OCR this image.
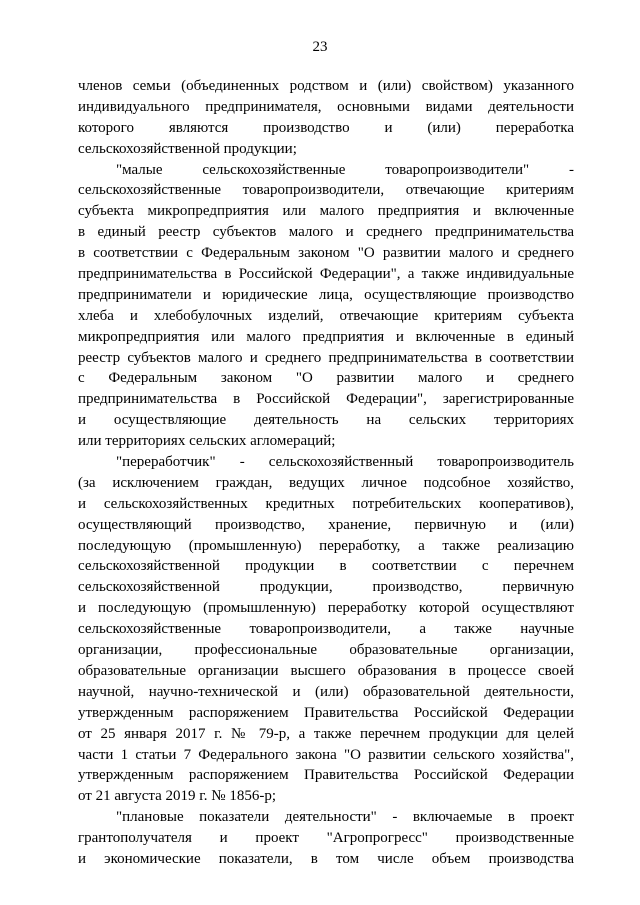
23
членов семьи (объединенных родством и (или) свойством) указанного
индивидуального предпринимателя, основными видами деятельности
которого являются производство и (или) переработка
сельскохозяйственной продукции;
"малые сельскохозяйственные товаропроизводители" -
сельскохозяйственные товаропроизводители, отвечающие критериям
субъекта микропредприятия или малого предприятия и включенные
в единый реестр субъектов малого и среднего предпринимательства
в соответствии с Федеральным законом "О развитии малого и среднего
предпринимательства в Российской Федерации", а также индивидуальные
предприниматели и юридические лица, осуществляющие производство
хлеба и хлебобулочных изделий, отвечающие критериям субъекта
микропредприятия или малого предприятия и включенные в единый
реестр субъектов малого и среднего предпринимательства в соответствии
с Федеральным законом "О развитии малого и среднего
предпринимательства в Российской Федерации", зарегистрированные
и осуществляющие деятельность на сельских территориях
или территориях сельских агломераций;
"переработчик" - сельскохозяйственный товаропроизводитель
(за исключением граждан, ведущих личное подсобное хозяйство,
и сельскохозяйственных кредитных потребительских кооперативов),
осуществляющий производство, хранение, первичную и (или)
последующую (промышленную) переработку, а также реализацию
сельскохозяйственной продукции в соответствии с перечнем
сельскохозяйственной продукции, производство, первичную
и последующую (промышленную) переработку которой осуществляют
сельскохозяйственные товаропроизводители, а также научные
организации, профессиональные образовательные организации,
образовательные организации высшего образования в процессе своей
научной, научно-технической и (или) образовательной деятельности,
утвержденным распоряжением Правительства Российской Федерации
от 25 января 2017 г. № 79-р, а также перечнем продукции для целей
части 1 статьи 7 Федерального закона "О развитии сельского хозяйства",
утвержденным распоряжением Правительства Российской Федерации
от 21 августа 2019 г. № 1856-р;
"плановые показатели деятельности" - включаемые в проект
грантополучателя и проект "Агропрогресс" производственные
и экономические показатели, в том числе объем производства
